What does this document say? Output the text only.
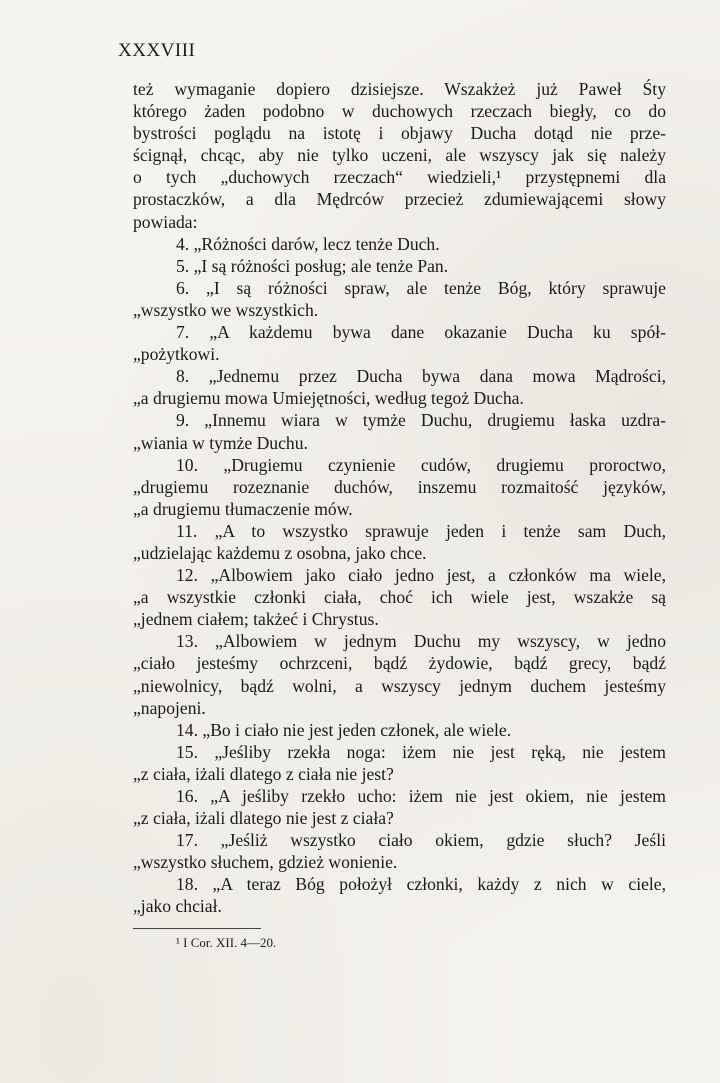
XXXVIII
też wymaganie dopiero dzisiejsze. Wszakżeż już Paweł Śty
którego żaden podobno w duchowych rzeczach biegły, co do
bystrości poglądu na istotę i objawy Ducha dotąd nie prze-
ścignął, chcąc, aby nie tylko uczeni, ale wszyscy jak się należy
o tych „duchowych rzeczach“ wiedzieli,¹ przystępnemi dla
prostaczków, a dla Mędrców przecież zdumiewającemi słowy
powiada:
4. „Różności darów, lecz tenże Duch.
5. „I są różności posług; ale tenże Pan.
6. „I są różności spraw, ale tenże Bóg, który sprawuje
„wszystko we wszystkich.
7. „A każdemu bywa dane okazanie Ducha ku spół-
„pożytkowi.
8. „Jednemu przez Ducha bywa dana mowa Mądrości,
„a drugiemu mowa Umiejętności, według tegoż Ducha.
9. „Innemu wiara w tymże Duchu, drugiemu łaska uzdra-
„wiania w tymże Duchu.
10. „Drugiemu czynienie cudów, drugiemu proroctwo,
„drugiemu rozeznanie duchów, inszemu rozmaitość języków,
„a drugiemu tłumaczenie mów.
11. „A to wszystko sprawuje jeden i tenże sam Duch,
„udzielając każdemu z osobna, jako chce.
12. „Albowiem jako ciało jedno jest, a członków ma wiele,
„a wszystkie członki ciała, choć ich wiele jest, wszakże są
„jednem ciałem; takżeć i Chrystus.
13. „Albowiem w jednym Duchu my wszyscy, w jedno
„ciało jesteśmy ochrzceni, bądź żydowie, bądź grecy, bądź
„niewolnicy, bądź wolni, a wszyscy jednym duchem jesteśmy
„napojeni.
14. „Bo i ciało nie jest jeden członek, ale wiele.
15. „Jeśliby rzekła noga: iżem nie jest ręką, nie jestem
„z ciała, iżali dlatego z ciała nie jest?
16. „A jeśliby rzekło ucho: iżem nie jest okiem, nie jestem
„z ciała, iżali dlatego nie jest z ciała?
17. „Jeśliż wszystko ciało okiem, gdzie słuch? Jeśli
„wszystko słuchem, gdzież wonienie.
18. „A teraz Bóg położył członki, każdy z nich w ciele,
„jako chciał.
¹ I Cor. XII. 4—20.
